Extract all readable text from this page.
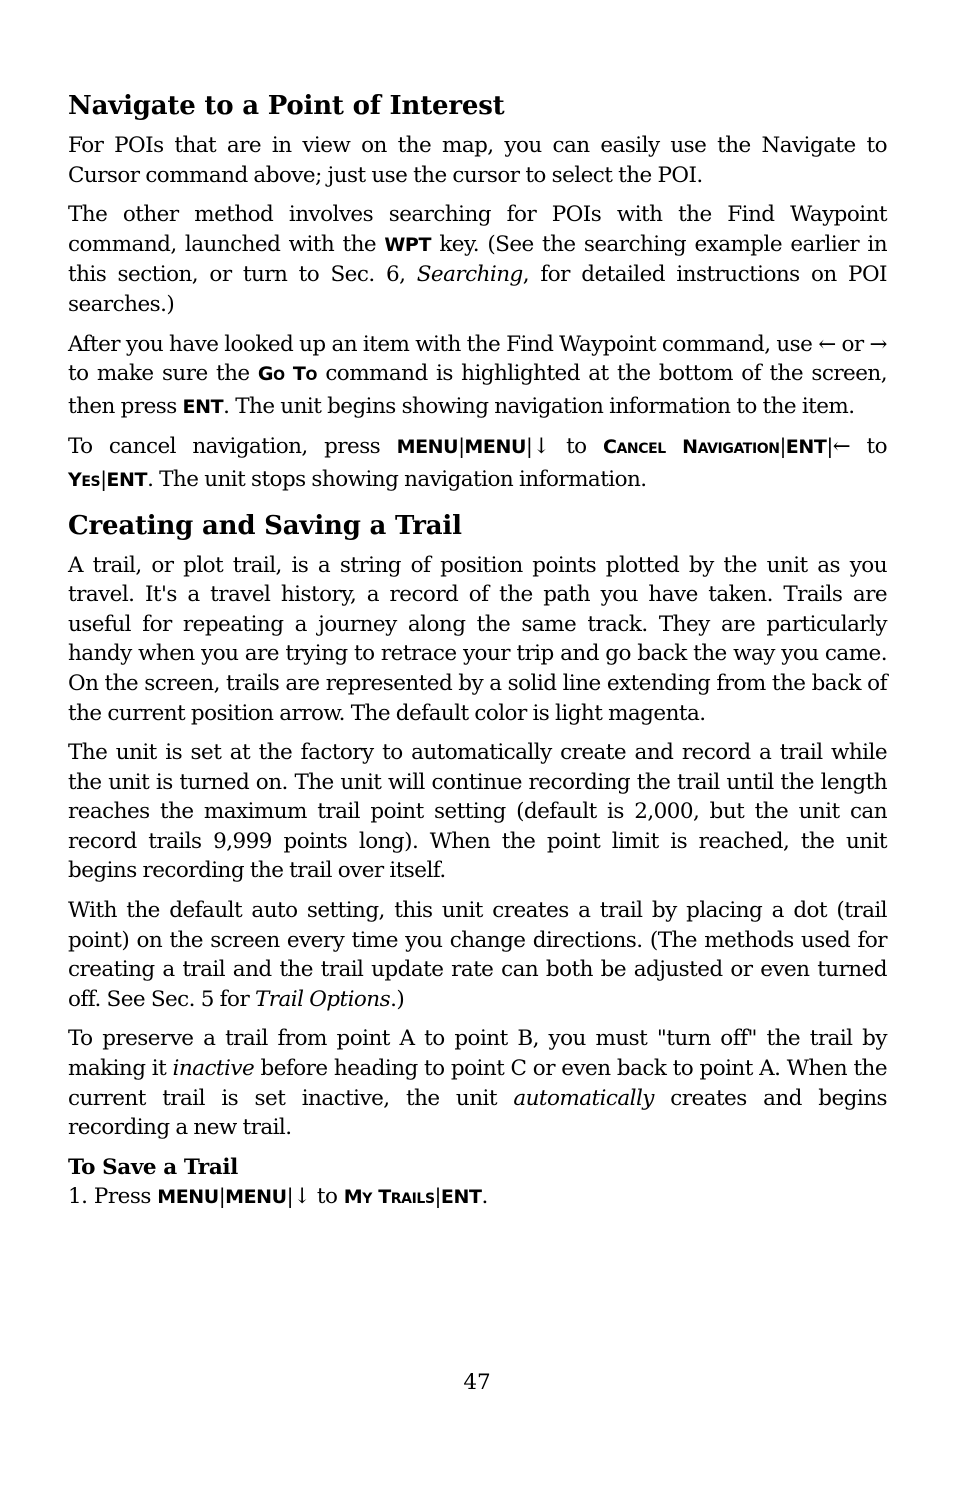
Navigate to a Point of Interest

For POIs that are in view on the map, you can easily use the Navigate to Cursor command above; just use the cursor to select the POI.

The other method involves searching for POIs with the Find Waypoint command, launched with the WPT key. (See the searching example earlier in this section, or turn to Sec. 6, Searching, for detailed instructions on POI searches.)

After you have looked up an item with the Find Waypoint command, use ← or → to make sure the GO TO command is highlighted at the bottom of the screen, then press ENT. The unit begins showing navigation information to the item.

To cancel navigation, press MENU|MENU|↓ to CANCEL NAVIGATION|ENT|← to YES|ENT. The unit stops showing navigation information.

Creating and Saving a Trail

A trail, or plot trail, is a string of position points plotted by the unit as you travel. It's a travel history, a record of the path you have taken. Trails are useful for repeating a journey along the same track. They are particularly handy when you are trying to retrace your trip and go back the way you came. On the screen, trails are represented by a solid line extending from the back of the current position arrow. The default color is light magenta.

The unit is set at the factory to automatically create and record a trail while the unit is turned on. The unit will continue recording the trail until the length reaches the maximum trail point setting (default is 2,000, but the unit can record trails 9,999 points long). When the point limit is reached, the unit begins recording the trail over itself.

With the default auto setting, this unit creates a trail by placing a dot (trail point) on the screen every time you change directions. (The methods used for creating a trail and the trail update rate can both be adjusted or even turned off. See Sec. 5 for Trail Options.)

To preserve a trail from point A to point B, you must "turn off" the trail by making it inactive before heading to point C or even back to point A. When the current trail is set inactive, the unit automatically creates and begins recording a new trail.

To Save a Trail
1. Press MENU|MENU|↓ to MY TRAILS|ENT.
47
